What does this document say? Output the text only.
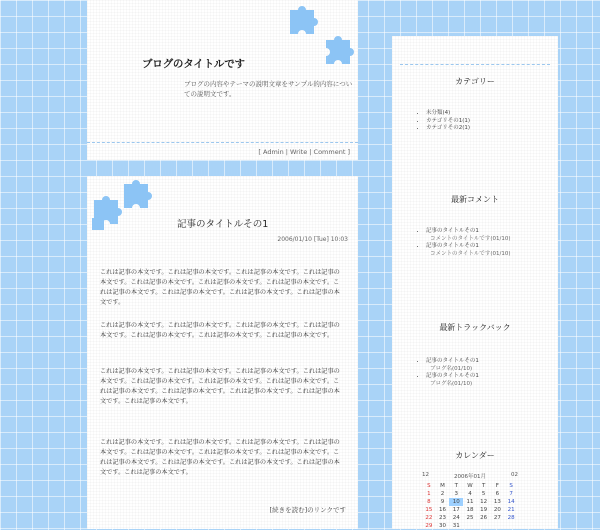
ブログのタイトルです
ブログの内容やテーマの説明文章をサンプル的内容についての説明文です。
[ Admin | Write | Comment ]
記事のタイトルその1
2006/01/10 [Tue] 10:03
これは記事の本文です。これは記事の本文です。これは記事の本文です。これは記事の本文です。これは記事の本文です。これは記事の本文です。これは記事の本文です。これは記事の本文です。これは記事の本文です。これは記事の本文です。これは記事の本文です。
これは記事の本文です。これは記事の本文です。これは記事の本文です。これは記事の本文です。これは記事の本文です。これは記事の本文です。これは記事の本文です。
これは記事の本文です。これは記事の本文です。これは記事の本文です。これは記事の本文です。これは記事の本文です。これは記事の本文です。これは記事の本文です。これは記事の本文です。これは記事の本文です。これは記事の本文です。これは記事の本文です。これは記事の本文です。
これは記事の本文です。これは記事の本文です。これは記事の本文です。これは記事の本文です。これは記事の本文です。これは記事の本文です。これは記事の本文です。これは記事の本文です。これは記事の本文です。これは記事の本文です。これは記事の本文です。これは記事の本文です。
[続きを読む]のリンクです
カテゴリー
• 未分類(4)
• カテゴリその1(1)
• カテゴリその2(1)
最新コメント
• 記事のタイトルその1
コメントのタイトルです(01/10)
• 記事のタイトルその1
コメントのタイトルです(01/10)
最新トラックバック
• 記事のタイトルその1
ブログ名(01/10)
• 記事のタイトルその1
ブログ名(01/10)
カレンダー
12	2006年01月	02
S	M	T	W	T	F	S
1	2	3	4	5	6	7
8	9	10	11	12	13	14
15	16	17	18	19	20	21
22	23	24	25	26	27	28
29	30	31				
